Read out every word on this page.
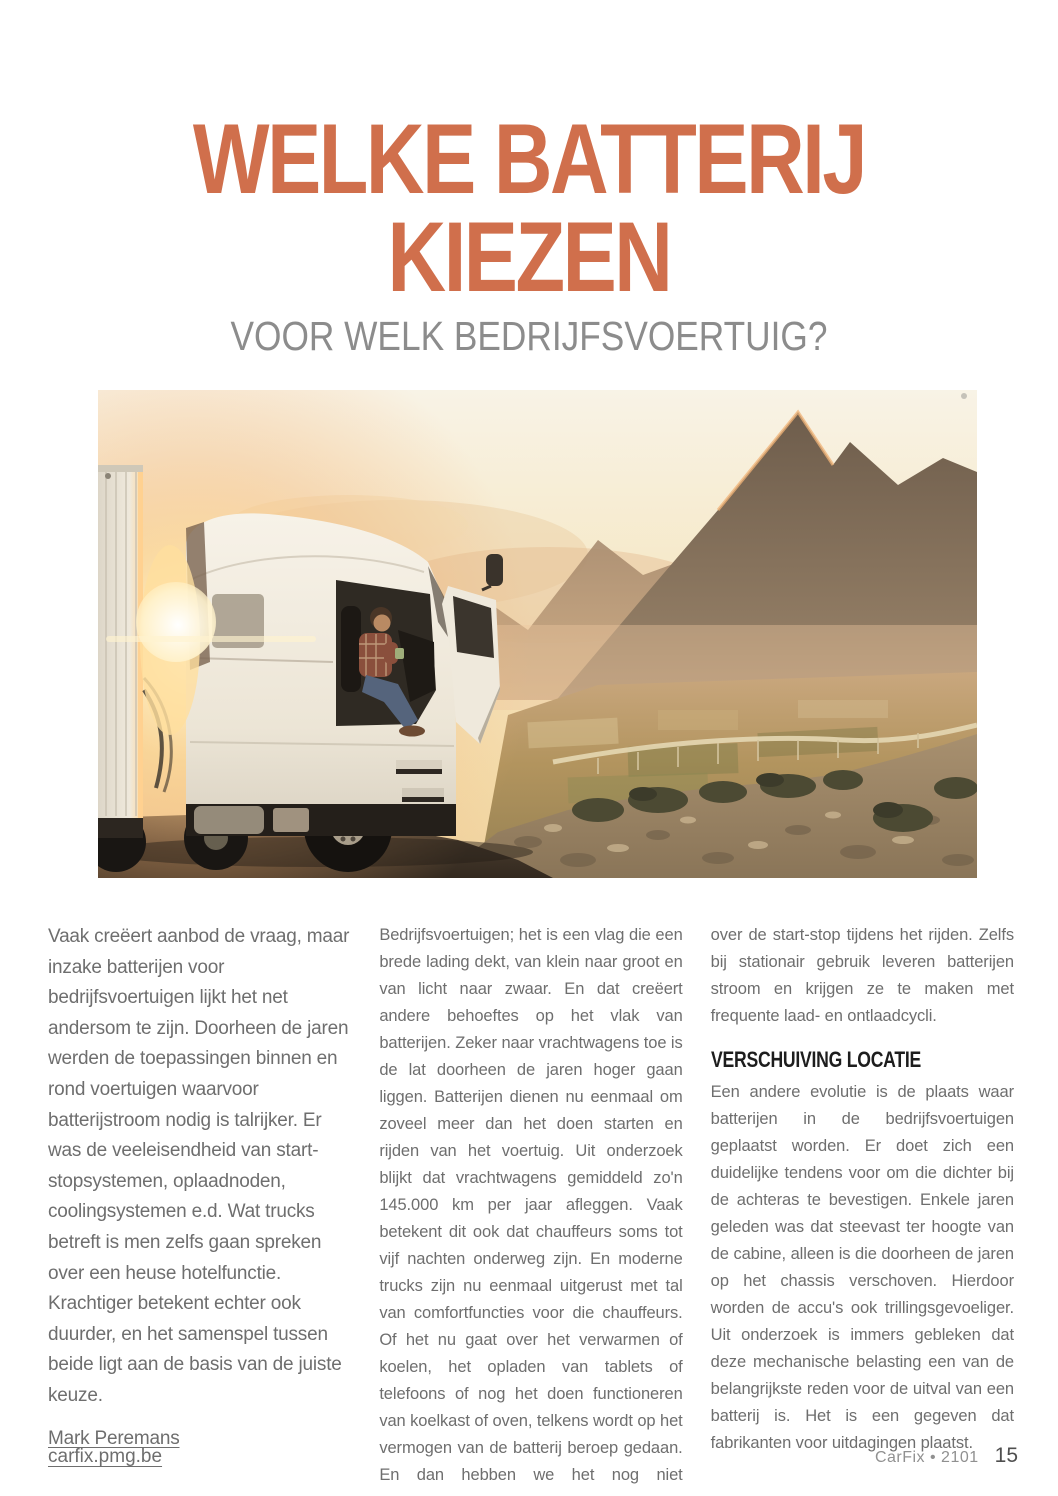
WELKE BATTERIJ
KIEZEN
VOOR WELK BEDRIJFSVOERTUIG?

Vaak creëert aanbod de vraag, maar inzake batterijen voor bedrijfsvoertuigen lijkt het net andersom te zijn. Doorheen de jaren werden de toepassingen binnen en rond voertuigen waarvoor batterijstroom nodig is talrijker. Er was de veeleisendheid van start-stopsystemen, oplaadnoden, coolingsystemen e.d. Wat trucks betreft is men zelfs gaan spreken over een heuse hotelfunctie. Krachtiger betekent echter ook duurder, en het samenspel tussen beide ligt aan de basis van de juiste keuze.

Mark Peremans

Bedrijfsvoertuigen; het is een vlag die een brede lading dekt, van klein naar groot en van licht naar zwaar. En dat creëert andere behoeftes op het vlak van batterijen. Zeker naar vrachtwagens toe is de lat doorheen de jaren hoger gaan liggen. Batterijen dienen nu eenmaal om zoveel meer dan het doen starten en rijden van het voertuig. Uit onderzoek blijkt dat vrachtwagens gemiddeld zo'n 145.000 km per jaar afleggen. Vaak betekent dit ook dat chauffeurs soms tot vijf nachten onderweg zijn. En moderne trucks zijn nu eenmaal uitgerust met tal van comfortfuncties voor die chauffeurs. Of het nu gaat over het verwarmen of koelen, het opladen van tablets of telefoons of nog het doen functioneren van koelkast of oven, telkens wordt op het vermogen van de batterij beroep gedaan. En dan hebben we het nog niet

over de start-stop tijdens het rijden. Zelfs bij stationair gebruik leveren batterijen stroom en krijgen ze te maken met frequente laad- en ontlaadcycli.

VERSCHUIVING LOCATIE

Een andere evolutie is de plaats waar batterijen in de bedrijfsvoertuigen geplaatst worden. Er doet zich een duidelijke tendens voor om die dichter bij de achteras te bevestigen. Enkele jaren geleden was dat steevast ter hoogte van de cabine, alleen is die doorheen de jaren op het chassis verschoven. Hierdoor worden de accu's ook trillingsgevoeliger. Uit onderzoek is immers gebleken dat deze mechanische belasting een van de belangrijkste reden voor de uitval van een batterij is. Het is een gegeven dat fabrikanten voor uitdagingen plaatst.

carfix.pmg.be	CarFix • 2101 15
